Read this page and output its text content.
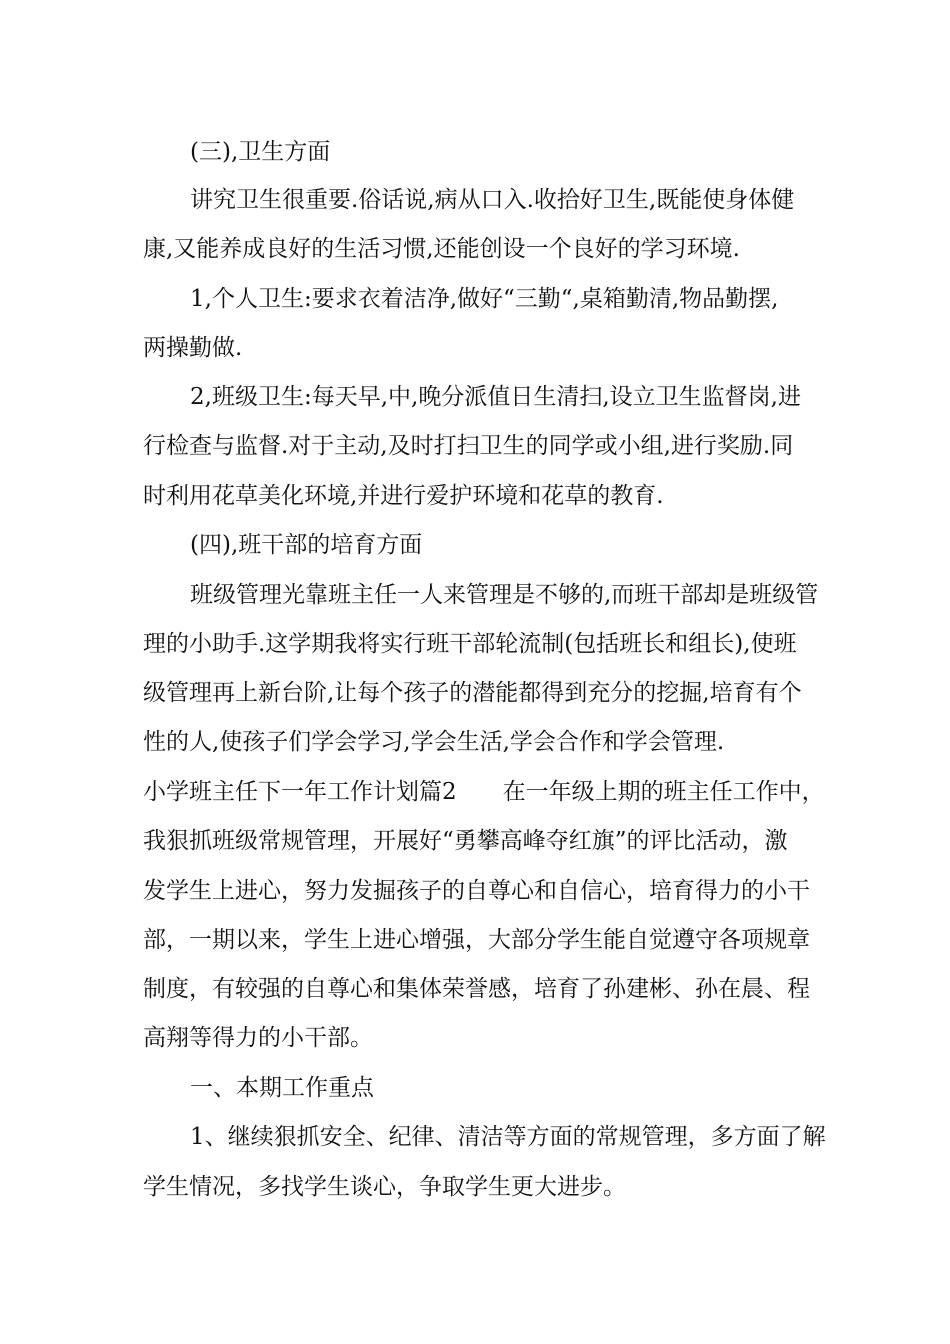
(三),卫生方面
讲究卫生很重要.俗话说,病从口入.收拾好卫生,既能使身体健
康,又能养成良好的生活习惯,还能创设一个良好的学习环境.
1,个人卫生:要求衣着洁净,做好“三勤“,桌箱勤清,物品勤摆,
两操勤做.
2,班级卫生:每天早,中,晚分派值日生清扫,设立卫生监督岗,进
行检查与监督.对于主动,及时打扫卫生的同学或小组,进行奖励.同
时利用花草美化环境,并进行爱护环境和花草的教育.
(四),班干部的培育方面
班级管理光靠班主任一人来管理是不够的,而班干部却是班级管
理的小助手.这学期我将实行班干部轮流制(包括班长和组长),使班
级管理再上新台阶,让每个孩子的潜能都得到充分的挖掘,培育有个
性的人,使孩子们学会学习,学会生活,学会合作和学会管理.
小学班主任下一年工作计划篇2 在一年级上期的班主任工作中，
我狠抓班级常规管理，开展好“勇攀高峰夺红旗”的评比活动，激
发学生上进心，努力发掘孩子的自尊心和自信心，培育得力的小干
部，一期以来，学生上进心增强，大部分学生能自觉遵守各项规章
制度，有较强的自尊心和集体荣誉感，培育了孙建彬、孙在晨、程
高翔等得力的小干部。
一、本期工作重点
1、继续狠抓安全、纪律、清洁等方面的常规管理，多方面了解
学生情况，多找学生谈心，争取学生更大进步。
